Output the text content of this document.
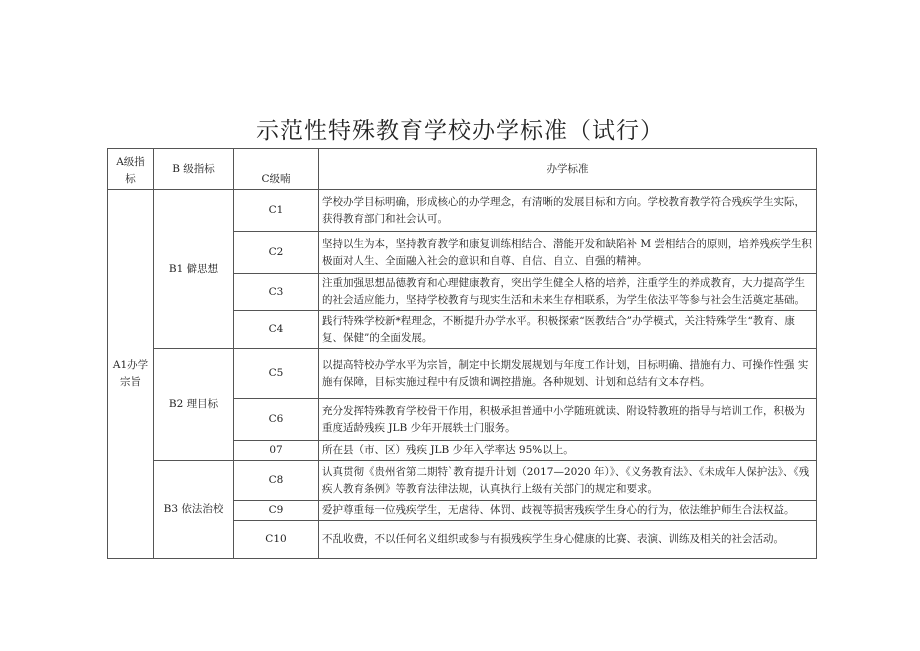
示范性特殊教育学校办学标准（试行）
A级指标	B 级指标	C级喃	办学标准
A1办学宗旨	B1 僻思想	C1	学校办学目标明确，形成核心的办学理念，有清晰的发展目标和方向。学校教育教学符合残疾学生实际，获得教育部门和社会认可。
		C2	坚持以生为本，坚持教育教学和康复训练相结合、潜能开发和缺陷补 M 尝相结合的原则，培养残疾学生积极面对人生、全面融入社会的意识和自尊、自信、自立、自强的精神。
		C3	注重加强思想品德教育和心理健康教育，突出学生健全人格的培养，注重学生的养成教育，大力提高学生的社会适应能力，坚持学校教育与现实生活和未来生存相联系，为学生依法平等参与社会生活奠定基础。
		C4	践行特殊学校新*程理念，不断提升办学水平。积极探索“医教结合”办学模式，关注特殊学生“教育、康复、保健”的全面发展。
	B2 理目标	C5	以提高特校办学水平为宗旨，制定中长期发展规划与年度工作计划，目标明确、措施有力、可操作性强 实施有保障，目标实施过程中有反馈和调控措施。各种规划、计划和总结有文本存档。
		C6	充分发挥特殊教育学校骨干作用，积极承担普通中小学随班就读、附设特教班的指导与培训工作，积极为重度适龄残疾 JLB 少年开展轶士门服务。
		07	所在县（市、区）残疾 JLB 少年入学率达 95%以上。
	B3 依法治校	C8	认真贯彻《贵州省第二期特`教育提升计划（2017—2020 年）》、《义务教育法》、《未成年人保护法》、《残疾人教育条例》等教育法律法规，认真执行上级有关部门的规定和要求。
		C9	爱护尊重每一位残疾学生，无虐待、体罚、歧视等损害残疾学生身心的行为，依法维护师生合法权益。
		C10	不乱收费，不以任何名义组织或参与有损残疾学生身心健康的比赛、表演、训练及相关的社会活动。
